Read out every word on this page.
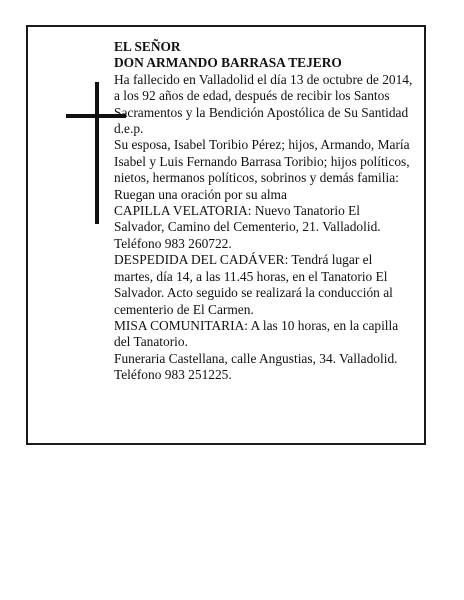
EL SEÑOR

DON ARMANDO BARRASA TEJERO

Ha fallecido en Valladolid el día 13 de octubre de 2014,

a los 92 años de edad, después de recibir los Santos

Sacramentos y la Bendición Apostólica de Su Santidad

d.e.p.

Su esposa, Isabel Toribio Pérez; hijos, Armando, María

Isabel y Luis Fernando Barrasa Toribio; hijos políticos,

nietos, hermanos políticos, sobrinos y demás familia:

Ruegan una oración por su alma

CAPILLA VELATORIA: Nuevo Tanatorio El

Salvador, Camino del Cementerio, 21. Valladolid.

Teléfono 983 260722.

DESPEDIDA DEL CADÁVER: Tendrá lugar el

martes, día 14, a las 11.45 horas, en el Tanatorio El

Salvador. Acto seguido se realizará la conducción al

cementerio de El Carmen.

MISA COMUNITARIA: A las 10 horas, en la capilla

del Tanatorio.

Funeraria Castellana, calle Angustias, 34. Valladolid.

Teléfono 983 251225.
